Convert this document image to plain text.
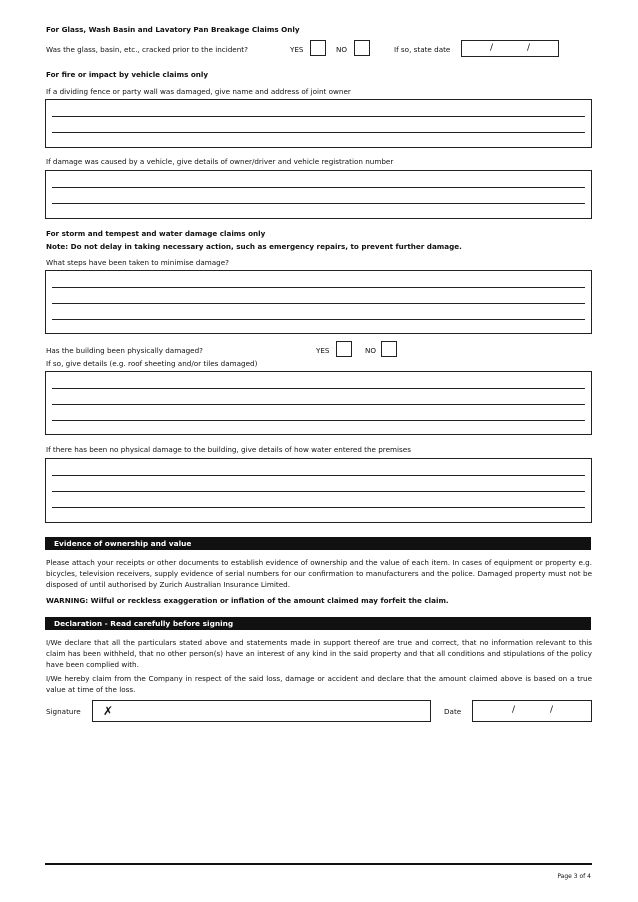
For Glass, Wash Basin and Lavatory Pan Breakage Claims Only
Was the glass, basin, etc., cracked prior to the incident?	YES	NO	If so, state date	/	/
For fire or impact by vehicle claims only
If a dividing fence or party wall was damaged, give name and address of joint owner
If damage was caused by a vehicle, give details of owner/driver and vehicle registration number
For storm and tempest and water damage claims only
Note: Do not delay in taking necessary action, such as emergency repairs, to prevent further damage.
What steps have been taken to minimise damage?
Has the building been physically damaged?	YES	NO
If so, give details (e.g. roof sheeting and/or tiles damaged)
If there has been no physical damage to the building, give details of how water entered the premises
Evidence of ownership and value
Please attach your receipts or other documents to establish evidence of ownership and the value of each item. In cases of equipment or property e.g. bicycles, television receivers, supply evidence of serial numbers for our confirmation to manufacturers and the police. Damaged property must not be disposed of until authorised by Zurich Australian Insurance Limited.
WARNING: Wilful or reckless exaggeration or inflation of the amount claimed may forfeit the claim.
Declaration - Read carefully before signing
I/We declare that all the particulars stated above and statements made in support thereof are true and correct, that no information relevant to this claim has been withheld, that no other person(s) have an interest of any kind in the said property and that all conditions and stipulations of the policy have been complied with.
I/We hereby claim from the Company in respect of the said loss, damage or accident and declare that the amount claimed above is based on a true value at time of the loss.
Signature ✗	Date	/	/
Page 3 of 4
